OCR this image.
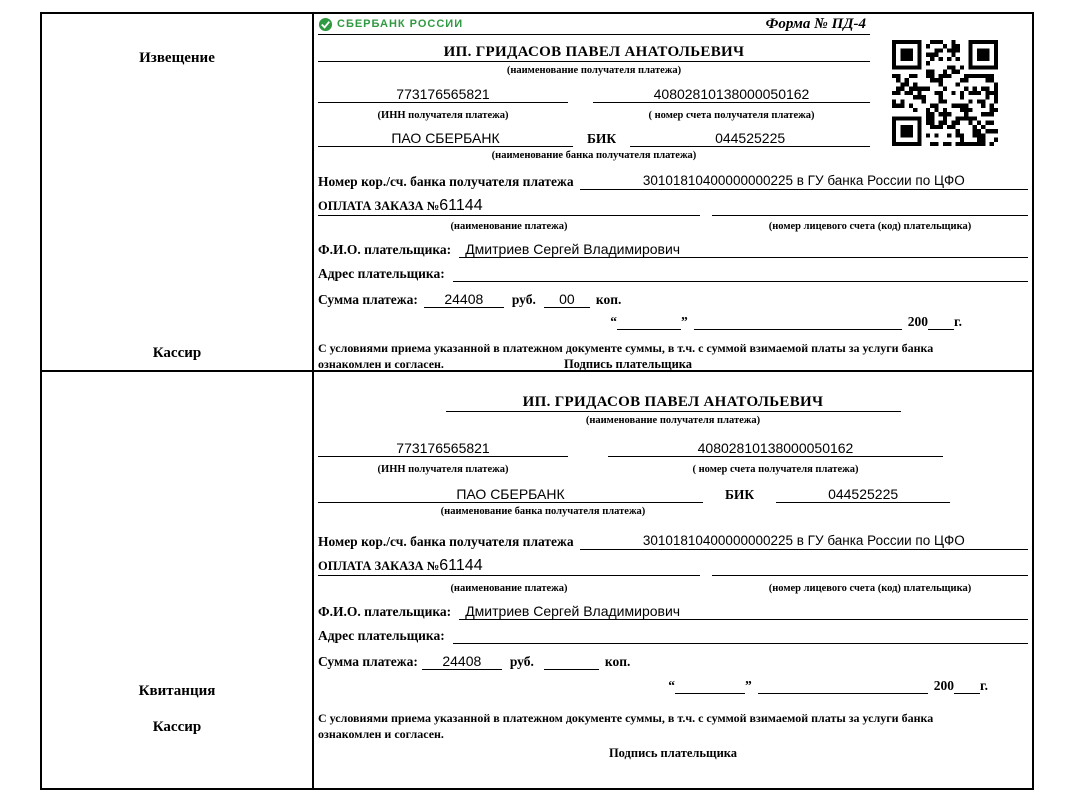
Извещение
Кассир
СБЕРБАНК РОССИИ	Форма № ПД-4
ИП. ГРИДАСОВ ПАВЕЛ АНАТОЛЬЕВИЧ
(наименование получателя платежа)
773176565821	40802810138000050162
(ИНН получателя платежа)	( номер счета получателя платежа)
ПАО СБЕРБАНК	БИК	044525225
(наименование банка получателя платежа)
Номер кор./сч. банка получателя платежа	30101810400000000225 в ГУ банка России по ЦФО
ОПЛАТА ЗАКАЗА №61144
(наименование платежа)	(номер лицевого счета (код) плательщика)
Ф.И.О. плательщика:	Дмитриев Сергей Владимирович
Адрес плательщика:
Сумма платежа:	24408	руб.	00	коп.
“	”	200 г.
С условиями приема указанной в платежном документе суммы, в т.ч. с суммой взимаемой платы за услуги банка
ознакомлен и согласен.	Подпись плательщика
Квитанция
Кассир
ИП. ГРИДАСОВ ПАВЕЛ АНАТОЛЬЕВИЧ
(наименование получателя платежа)
773176565821	40802810138000050162
(ИНН получателя платежа)	( номер счета получателя платежа)
ПАО СБЕРБАНК	БИК	044525225
(наименование банка получателя платежа)
Номер кор./сч. банка получателя платежа	30101810400000000225 в ГУ банка России по ЦФО
ОПЛАТА ЗАКАЗА №61144
(наименование платежа)	(номер лицевого счета (код) плательщика)
Ф.И.О. плательщика:	Дмитриев Сергей Владимирович
Адрес плательщика:
Сумма платежа:	24408	руб.	коп.
“	”	200 г.
С условиями приема указанной в платежном документе суммы, в т.ч. с суммой взимаемой платы за услуги банка
ознакомлен и согласен.
Подпись плательщика
